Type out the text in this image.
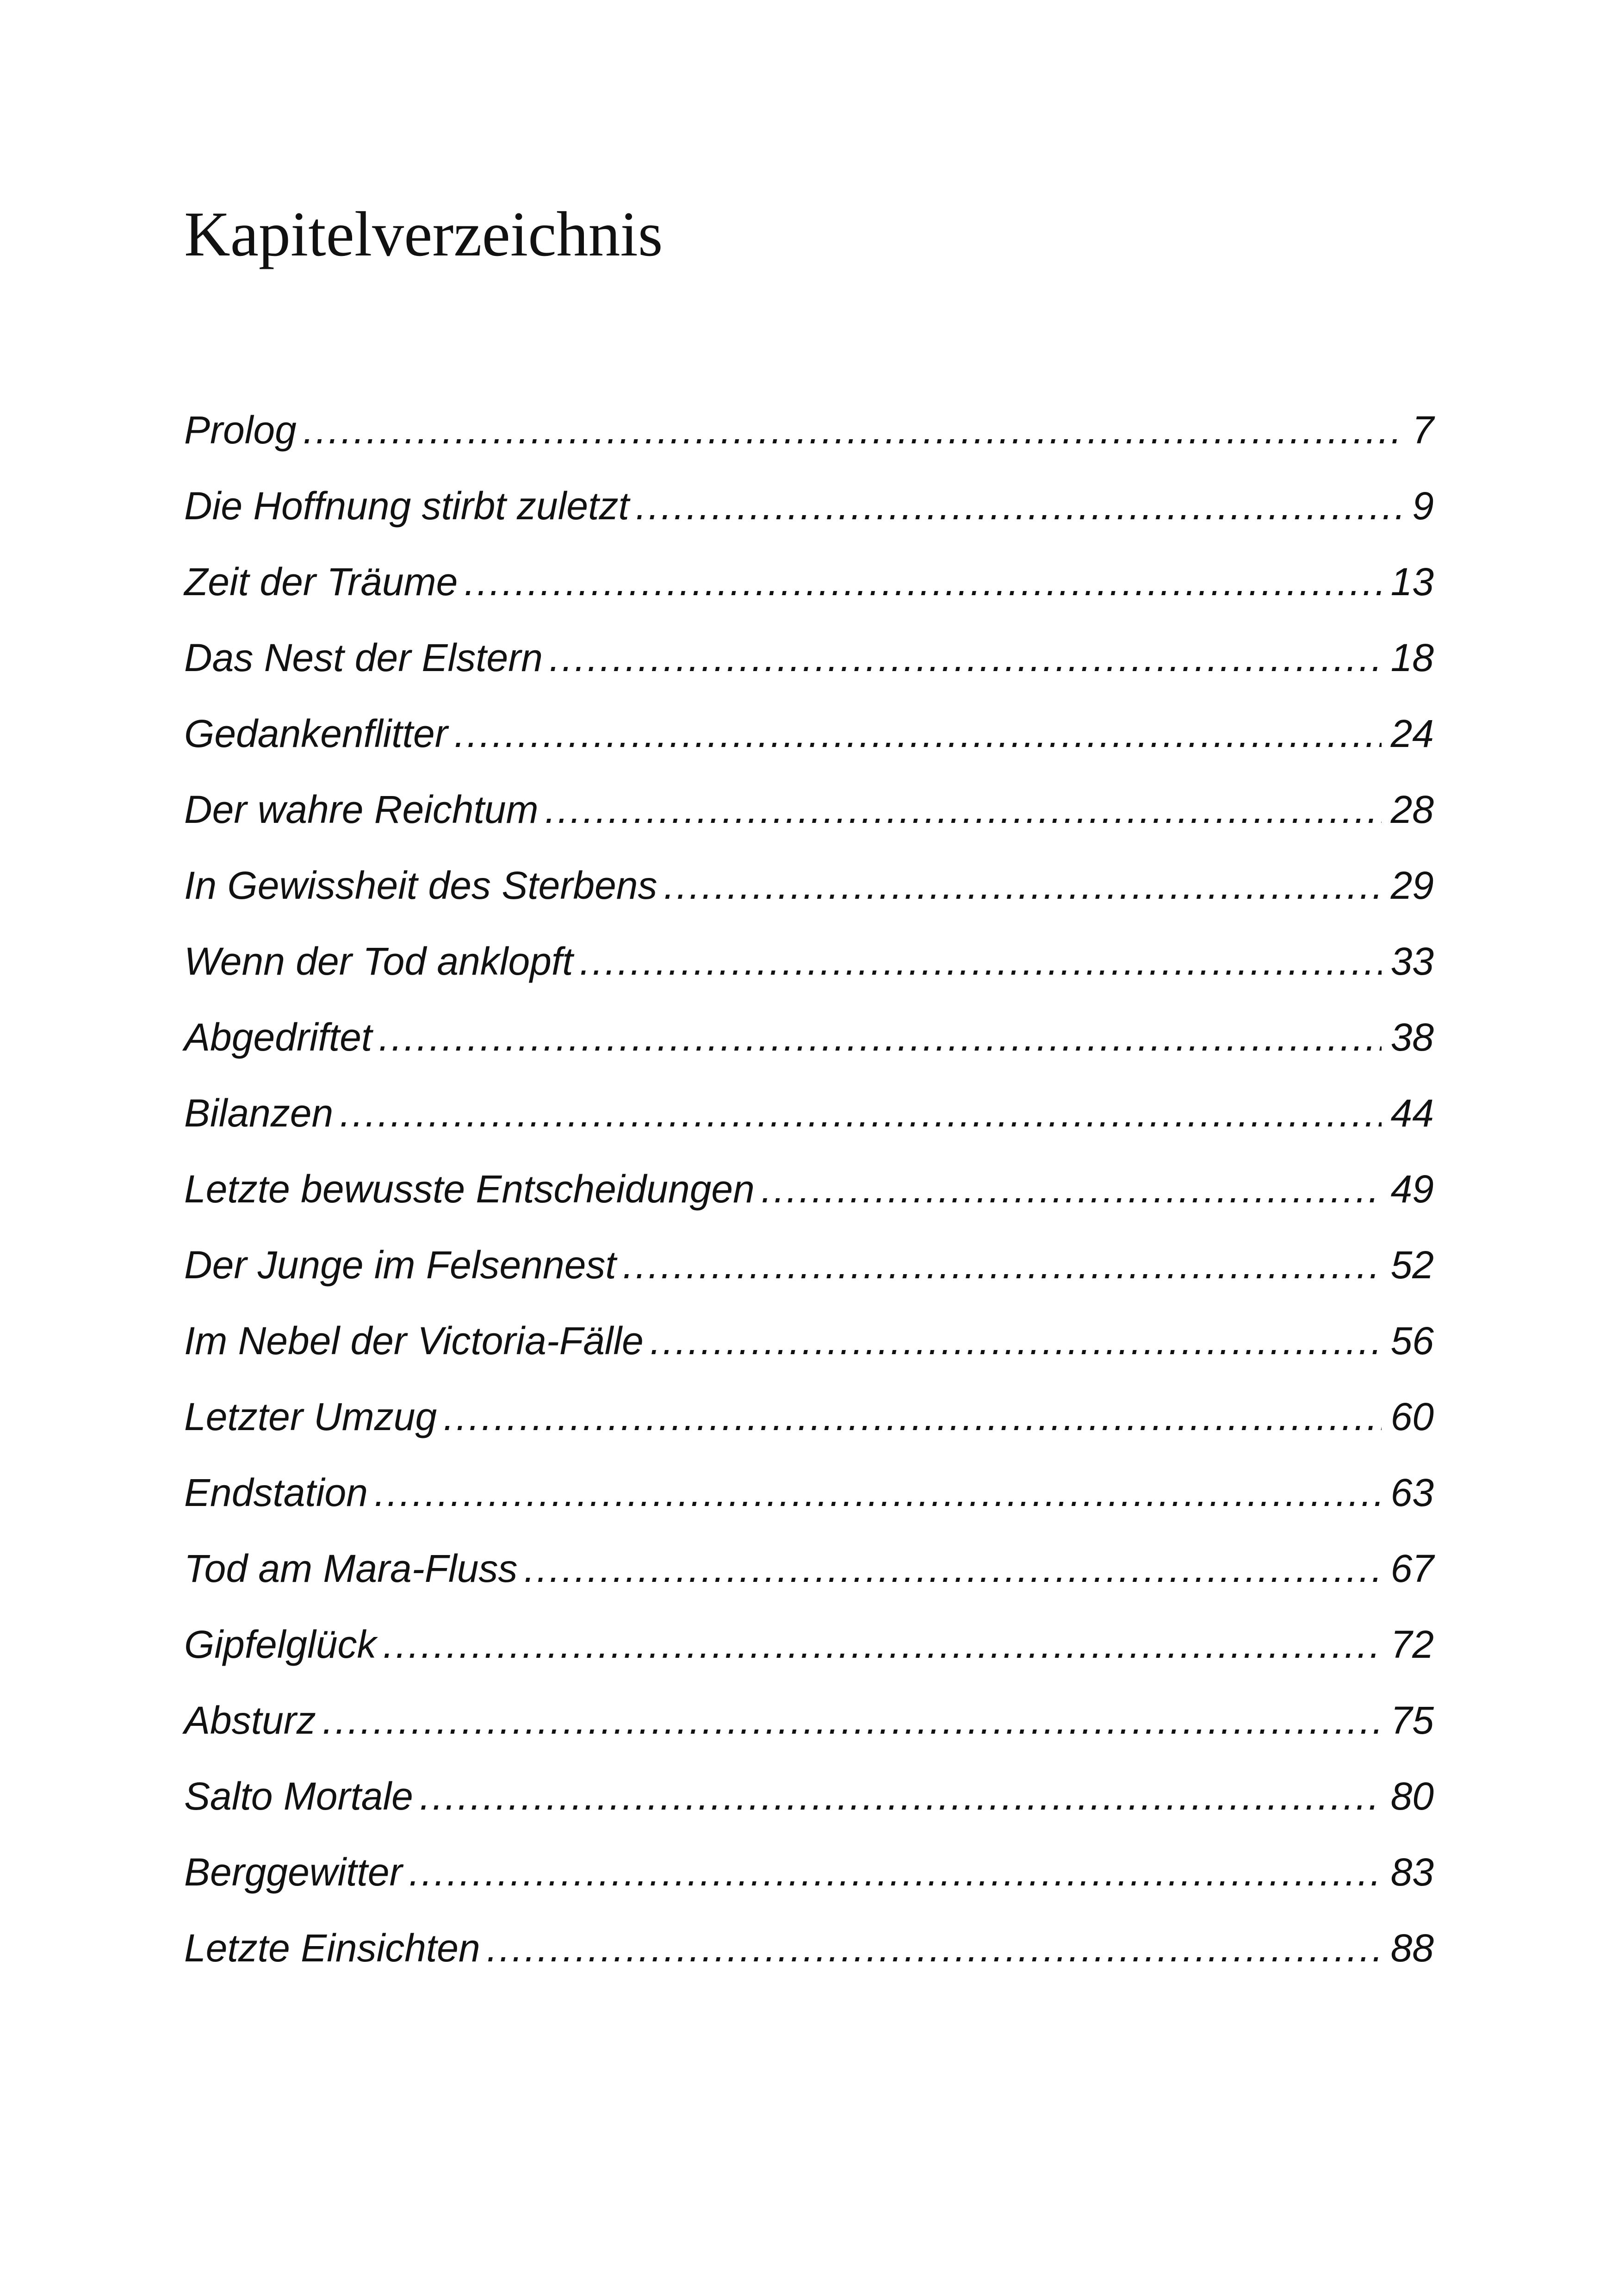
Kapitelverzeichnis
Prolog .....	7
Die Hoffnung stirbt zuletzt .....	9
Zeit der Träume .....	13
Das Nest der Elstern .....	18
Gedankenflitter .....	24
Der wahre Reichtum .....	28
In Gewissheit des Sterbens .....	29
Wenn der Tod anklopft .....	33
Abgedriftet .....	38
Bilanzen .....	44
Letzte bewusste Entscheidungen .....	49
Der Junge im Felsennest .....	52
Im Nebel der Victoria-Fälle .....	56
Letzter Umzug .....	60
Endstation .....	63
Tod am Mara-Fluss .....	67
Gipfelglück .....	72
Absturz .....	75
Salto Mortale .....	80
Berggewitter .....	83
Letzte Einsichten .....	88
